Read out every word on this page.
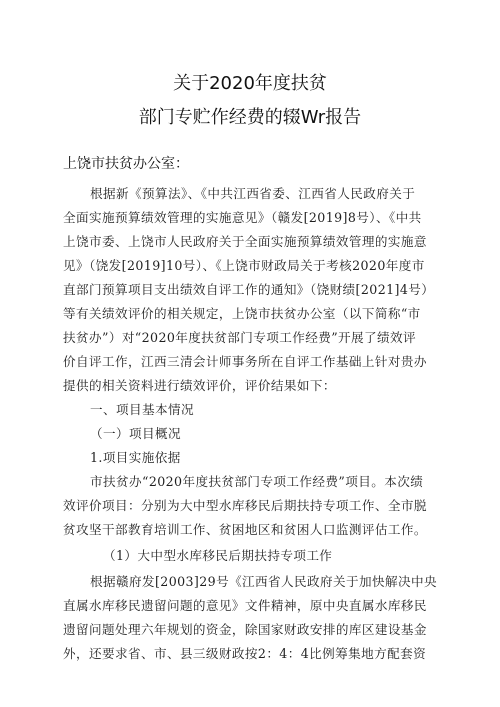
关于2020年度扶贫
部门专贮作经费的辍Wr报告
上饶市扶贫办公室：
根据新《预算法》、《中共江西省委、江西省人民政府关于
全面实施预算绩效管理的实施意见》（赣发[2019]8号）、《中共
上饶市委、上饶市人民政府关于全面实施预算绩效管理的实施意
见》（饶发[2019]10号）、《上饶市财政局关于考核2020年度市
直部门预算项目支出绩效自评工作的通知》（饶财绩[2021]4号）
等有关绩效评价的相关规定，上饶市扶贫办公室（以下简称“市
扶贫办”）对“2020年度扶贫部门专项工作经费”开展了绩效评
价自评工作，江西三清会计师事务所在自评工作基础上针对贵办
提供的相关资料进行绩效评价，评价结果如下：
一、项目基本情况
（一）项目概况
1.项目实施依据
市扶贫办“2020年度扶贫部门专项工作经费”项目。本次绩
效评价项目：分别为大中型水库移民后期扶持专项工作、全市脱
贫攻坚干部教育培训工作、贫困地区和贫困人口监测评估工作。
（1）大中型水库移民后期扶持专项工作
根据赣府发[2003]29号《江西省人民政府关于加快解决中央
直属水库移民遗留问题的意见》文件精神，原中央直属水库移民
遗留问题处理六年规划的资金，除国家财政安排的库区建设基金
外，还要求省、市、县三级财政按2：4：4比例筹集地方配套资
